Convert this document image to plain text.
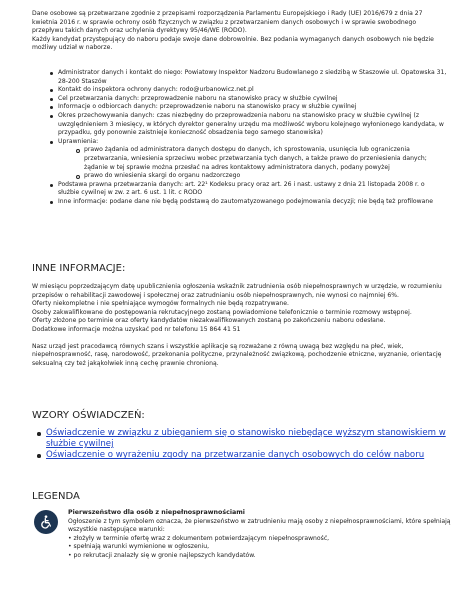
Dane osobowe są przetwarzane zgodnie z przepisami rozporządzenia Parlamentu Europejskiego i Rady (UE) 2016/679 z dnia 27 kwietnia 2016 r. w sprawie ochrony osób fizycznych w związku z przetwarzaniem danych osobowych i w sprawie swobodnego przepływu takich danych oraz uchylenia dyrektywy 95/46/WE (RODO).

Każdy kandydat przystępujący do naboru podaje swoje dane dobrowolnie. Bez podania wymaganych danych osobowych nie będzie możliwy udział w naborze.

Administrator danych i kontakt do niego: Powiatowy Inspektor Nadzoru Budowlanego z siedzibą w Staszowie ul. Opatowska 31, 28-200 Staszów
Kontakt do inspektora ochrony danych: rodo@urbanowicz.net.pl
Cel przetwarzania danych: przeprowadzenie naboru na stanowisko pracy w służbie cywilnej
Informacje o odbiorcach danych: przeprowadzenie naboru na stanowisko pracy w służbie cywilnej
Okres przechowywania danych: czas niezbędny do przeprowadzenia naboru na stanowisko pracy w służbie cywilnej (z uwzględnieniem 3 miesięcy, w których dyrektor generalny urzędu ma możliwość wyboru kolejnego wyłonionego kandydata, w przypadku, gdy ponownie zaistnieje konieczność obsadzenia tego samego stanowiska)
Uprawnienia:
prawo żądania od administratora danych dostępu do danych, ich sprostowania, usunięcia lub ograniczenia przetwarzania, wniesienia sprzeciwu wobec przetwarzania tych danych, a także prawo do przeniesienia danych; żądanie w tej sprawie można przesłać na adres kontaktowy administratora danych, podany powyżej
prawo do wniesienia skargi do organu nadzorczego
Podstawa prawna przetwarzania danych: art. 22¹ Kodeksu pracy oraz art. 26 i nast. ustawy z dnia 21 listopada 2008 r. o służbie cywilnej w zw. z art. 6 ust. 1 lit. c RODO
Inne informacje: podane dane nie będą podstawą do zautomatyzowanego podejmowania decyzji; nie będą też profilowane
INNE INFORMACJE:

W miesiącu poprzedzającym datę upublicznienia ogłoszenia wskaźnik zatrudnienia osób niepełnosprawnych w urzędzie, w rozumieniu przepisów o rehabilitacji zawodowej i społecznej oraz zatrudnianiu osób niepełnosprawnych, nie wynosi co najmniej 6%.

Oferty niekompletne i nie spełniające wymogów formalnych nie będą rozpatrywane.

Osoby zakwalifikowane do postępowania rekrutacyjnego zostaną powiadomione telefonicznie o terminie rozmowy wstępnej.

Oferty złożone po terminie oraz oferty kandydatów niezakwalifikowanych zostaną po zakończeniu naboru odesłane.

Dodatkowe informacje można uzyskać pod nr telefonu 15 864 41 51

Nasz urząd jest pracodawcą równych szans i wszystkie aplikacje są rozważane z równą uwagą bez względu na płeć, wiek, niepełnosprawność, rasę, narodowość, przekonania polityczne, przynależność związkową, pochodzenie etniczne, wyznanie, orientację seksualną czy też jakąkolwiek inną cechę prawnie chronioną.

WZORY OŚWIADCZEŃ:
Oświadczenie w związku z ubieganiem się o stanowisko niebędące wyższym stanowiskiem w służbie cywilnej
Oświadczenie o wyrażeniu zgody na przetwarzanie danych osobowych do celów naboru
LEGENDA

Pierwszeństwo dla osób z niepełnosprawnościami

Ogłoszenie z tym symbolem oznacza, że pierwszeństwo w zatrudnieniu mają osoby z niepełnosprawnościami, które spełniają wszystkie następujące warunki:

• złożyły w terminie ofertę wraz z dokumentem potwierdzającym niepełnosprawność,

• spełniają warunki wymienione w ogłoszeniu,

• po rekrutacji znalazły się w gronie najlepszych kandydatów.
